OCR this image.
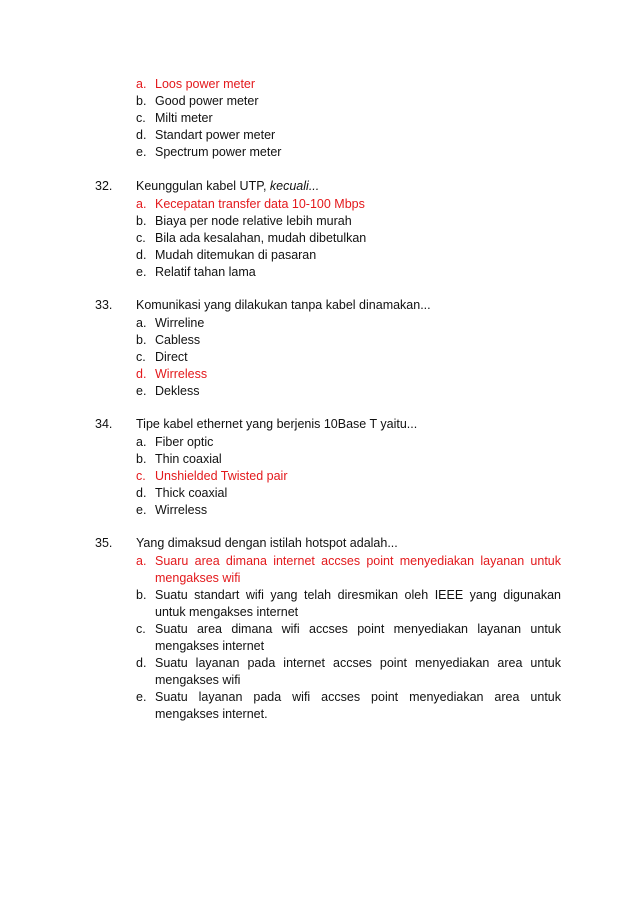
a. Loos power meter
b. Good power meter
c. Milti meter
d. Standart power meter
e. Spectrum power meter
32. Keunggulan kabel UTP, kecuali...
a. Kecepatan transfer data 10-100 Mbps
b. Biaya per node relative lebih murah
c. Bila ada kesalahan, mudah dibetulkan
d. Mudah ditemukan di pasaran
e. Relatif tahan lama
33. Komunikasi yang dilakukan tanpa kabel dinamakan...
a. Wirreline
b. Cabless
c. Direct
d. Wirreless
e. Dekless
34. Tipe kabel ethernet yang berjenis 10Base T yaitu...
a. Fiber optic
b. Thin coaxial
c. Unshielded Twisted pair
d. Thick coaxial
e. Wirreless
35. Yang dimaksud dengan istilah hotspot adalah...
a. Suaru area dimana internet accses point menyediakan layanan untuk mengakses wifi
b. Suatu standart wifi yang telah diresmikan oleh IEEE yang digunakan untuk mengakses internet
c. Suatu area dimana wifi accses point menyediakan layanan untuk mengakses internet
d. Suatu layanan pada internet accses point menyediakan area untuk mengakses wifi
e. Suatu layanan pada wifi accses point menyediakan area untuk mengakses internet.
